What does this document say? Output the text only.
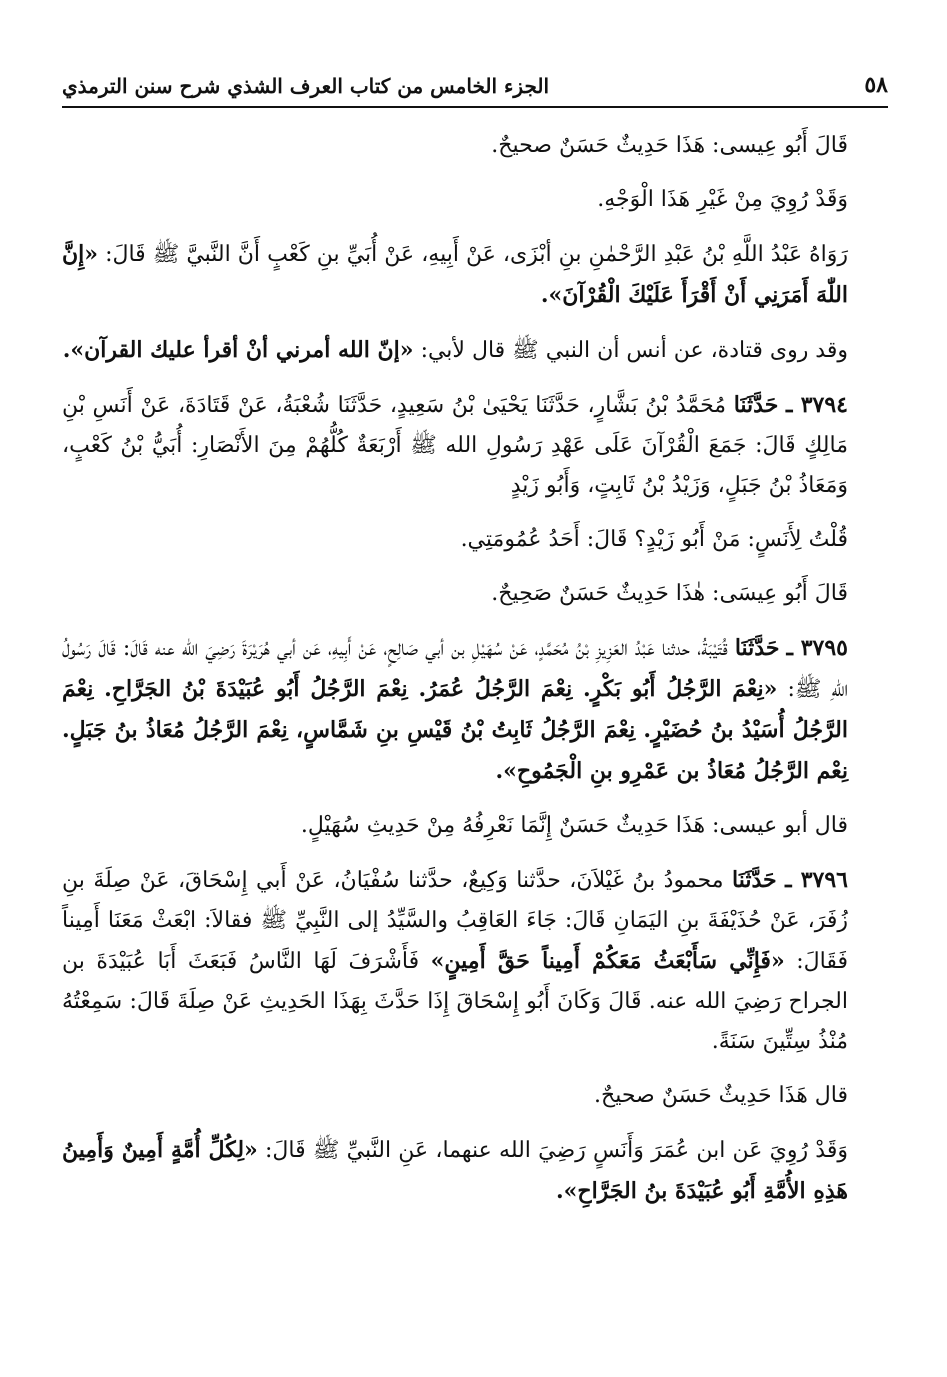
٥٨
الجزء الخامس من كتاب العرف الشذي شرح سنن الترمذي

قَالَ أَبُو عِيسى: هَذَا حَدِيثٌ حَسَنٌ صحيحٌ.

وَقَدْ رُوِيَ مِنْ غَيْرِ هَذَا الْوَجْهِ.

رَوَاهُ عَبْدُ اللَّهِ بْنُ عَبْدِ الرَّحْمٰنِ بنِ أبْزَى، عَنْ أَبِيهِ، عَنْ أُبَيِّ بنِ كَعْبٍ أَنَّ النَّبيَّ ﷺ قَالَ: «إِنَّ اللّٰهَ أَمَرَنِي أَنْ أَقْرَأَ عَلَيْكَ الْقُرْآنَ».

وقد روى قتادة، عن أنس أن النبي ﷺ قال لأبي: «إنّ الله أمرني أنْ أقرأ عليك القرآن».

٣٧٩٤ ـ حَدَّثَنَا مُحَمَّدُ بْنُ بَشَّارٍ، حَدَّثَنَا يَحْيَىٰ بْنُ سَعِيدٍ، حَدَّثَنَا شُعْبَةُ، عَنْ قَتَادَةَ، عَنْ أَنَسِ بْنِ مَالِكٍ قَالَ: جَمَعَ الْقُرْآنَ عَلَى عَهْدِ رَسُولِ الله ﷺ أَرْبَعَةٌ كُلُّهُمْ مِنَ الأَنْصَارِ: أُبَيُّ بْنُ كَعْبٍ، وَمَعَاذُ بْنُ جَبَلٍ، وَزَيْدُ بْنُ ثَابِتٍ، وَأَبُو زَيْدٍ

قُلْتُ لِأَنَسٍ: مَنْ أَبُو زَيْدٍ؟ قَالَ: أَحَدُ عُمُومَتِي.

قَالَ أَبُو عِيسَى: هٰذَا حَدِيثٌ حَسَنٌ صَحِيحٌ.

٣٧٩٥ ـ حَدَّثَنَا قُتَيْبَةُ، حدثنا عَبْدُ العَزِيزِ بْنُ مُحَمَّدٍ، عَنْ سُهَيْلِ بن أبي صَالِحٍ، عَنْ أَبِيهِ، عَن أبي هُرَيْرَةَ رَضِيَ الله عنه قَالَ: قَالَ رَسُولُ اللّٰهِ ﷺ: «نِعْمَ الرَّجُلُ أَبُو بَكْرٍ. نِعْمَ الرَّجُلُ عُمَرُ. نِعْمَ الرَّجُلُ أَبُو عُبَيْدَةَ بْنُ الجَرَّاحِ. نِعْمَ الرَّجُلُ أُسَيْدُ بنُ حُضَيْرٍ. نِعْمَ الرَّجُلُ ثَابِتُ بْنُ قَيْسِ بنِ شَمَّاسٍ، نِعْمَ الرَّجُلُ مُعَاذُ بنُ جَبَلٍ. نِعْم الرَّجُلُ مُعَاذُ بن عَمْرِو بنِ الْجَمُوحِ».

قال أبو عيسى: هَذَا حَدِيثٌ حَسَنٌ إِنَّمَا نَعْرِفُهُ مِنْ حَدِيثِ سُهَيْلٍ.

٣٧٩٦ ـ حَدَّثَنَا محمودُ بنُ غَيْلاَنَ، حدَّثنا وَكِيعٌ، حدَّثنا سُفْيَانُ، عَنْ أَبي إِسْحَاقَ، عَنْ صِلَةَ بنِ زُفَرَ، عَنْ حُذَيْفَةَ بنِ اليَمَانِ قَالَ: جَاءَ العَاقِبُ والسَّيِّدُ إلى النَّبِيِّ ﷺ فقالاَ: ابْعَثْ مَعَنَا أَمِيناً فَقَالَ: «فَإِنِّي سَأَبْعَثُ مَعَكُمْ أَمِيناً حَقَّ أَمِينٍ» فَأَشْرَفَ لَهَا النَّاسُ فَبَعَثَ أَبَا عُبَيْدَةَ بن الجراح رَضِيَ الله عنه. قَالَ وَكَانَ أَبُو إِسْحَاقَ إِذَا حَدَّثَ بِهَذَا الحَدِيثِ عَنْ صِلَةَ قَالَ: سَمِعْتُهُ مُنْذُ سِتِّينَ سَنَةً.

قال هَذَا حَدِيثٌ حَسَنٌ صحيحٌ.

وَقَدْ رُوِيَ عَن ابن عُمَرَ وَأَنَسٍ رَضِيَ الله عنهما، عَنِ النَّبيِّ ﷺ قَالَ: «لِكُلِّ أُمَّةٍ أَمِينٌ وَأَمِينُ هَذِهِ الأُمَّةِ أَبُو عُبَيْدَةَ بنُ الجَرَّاحِ».
